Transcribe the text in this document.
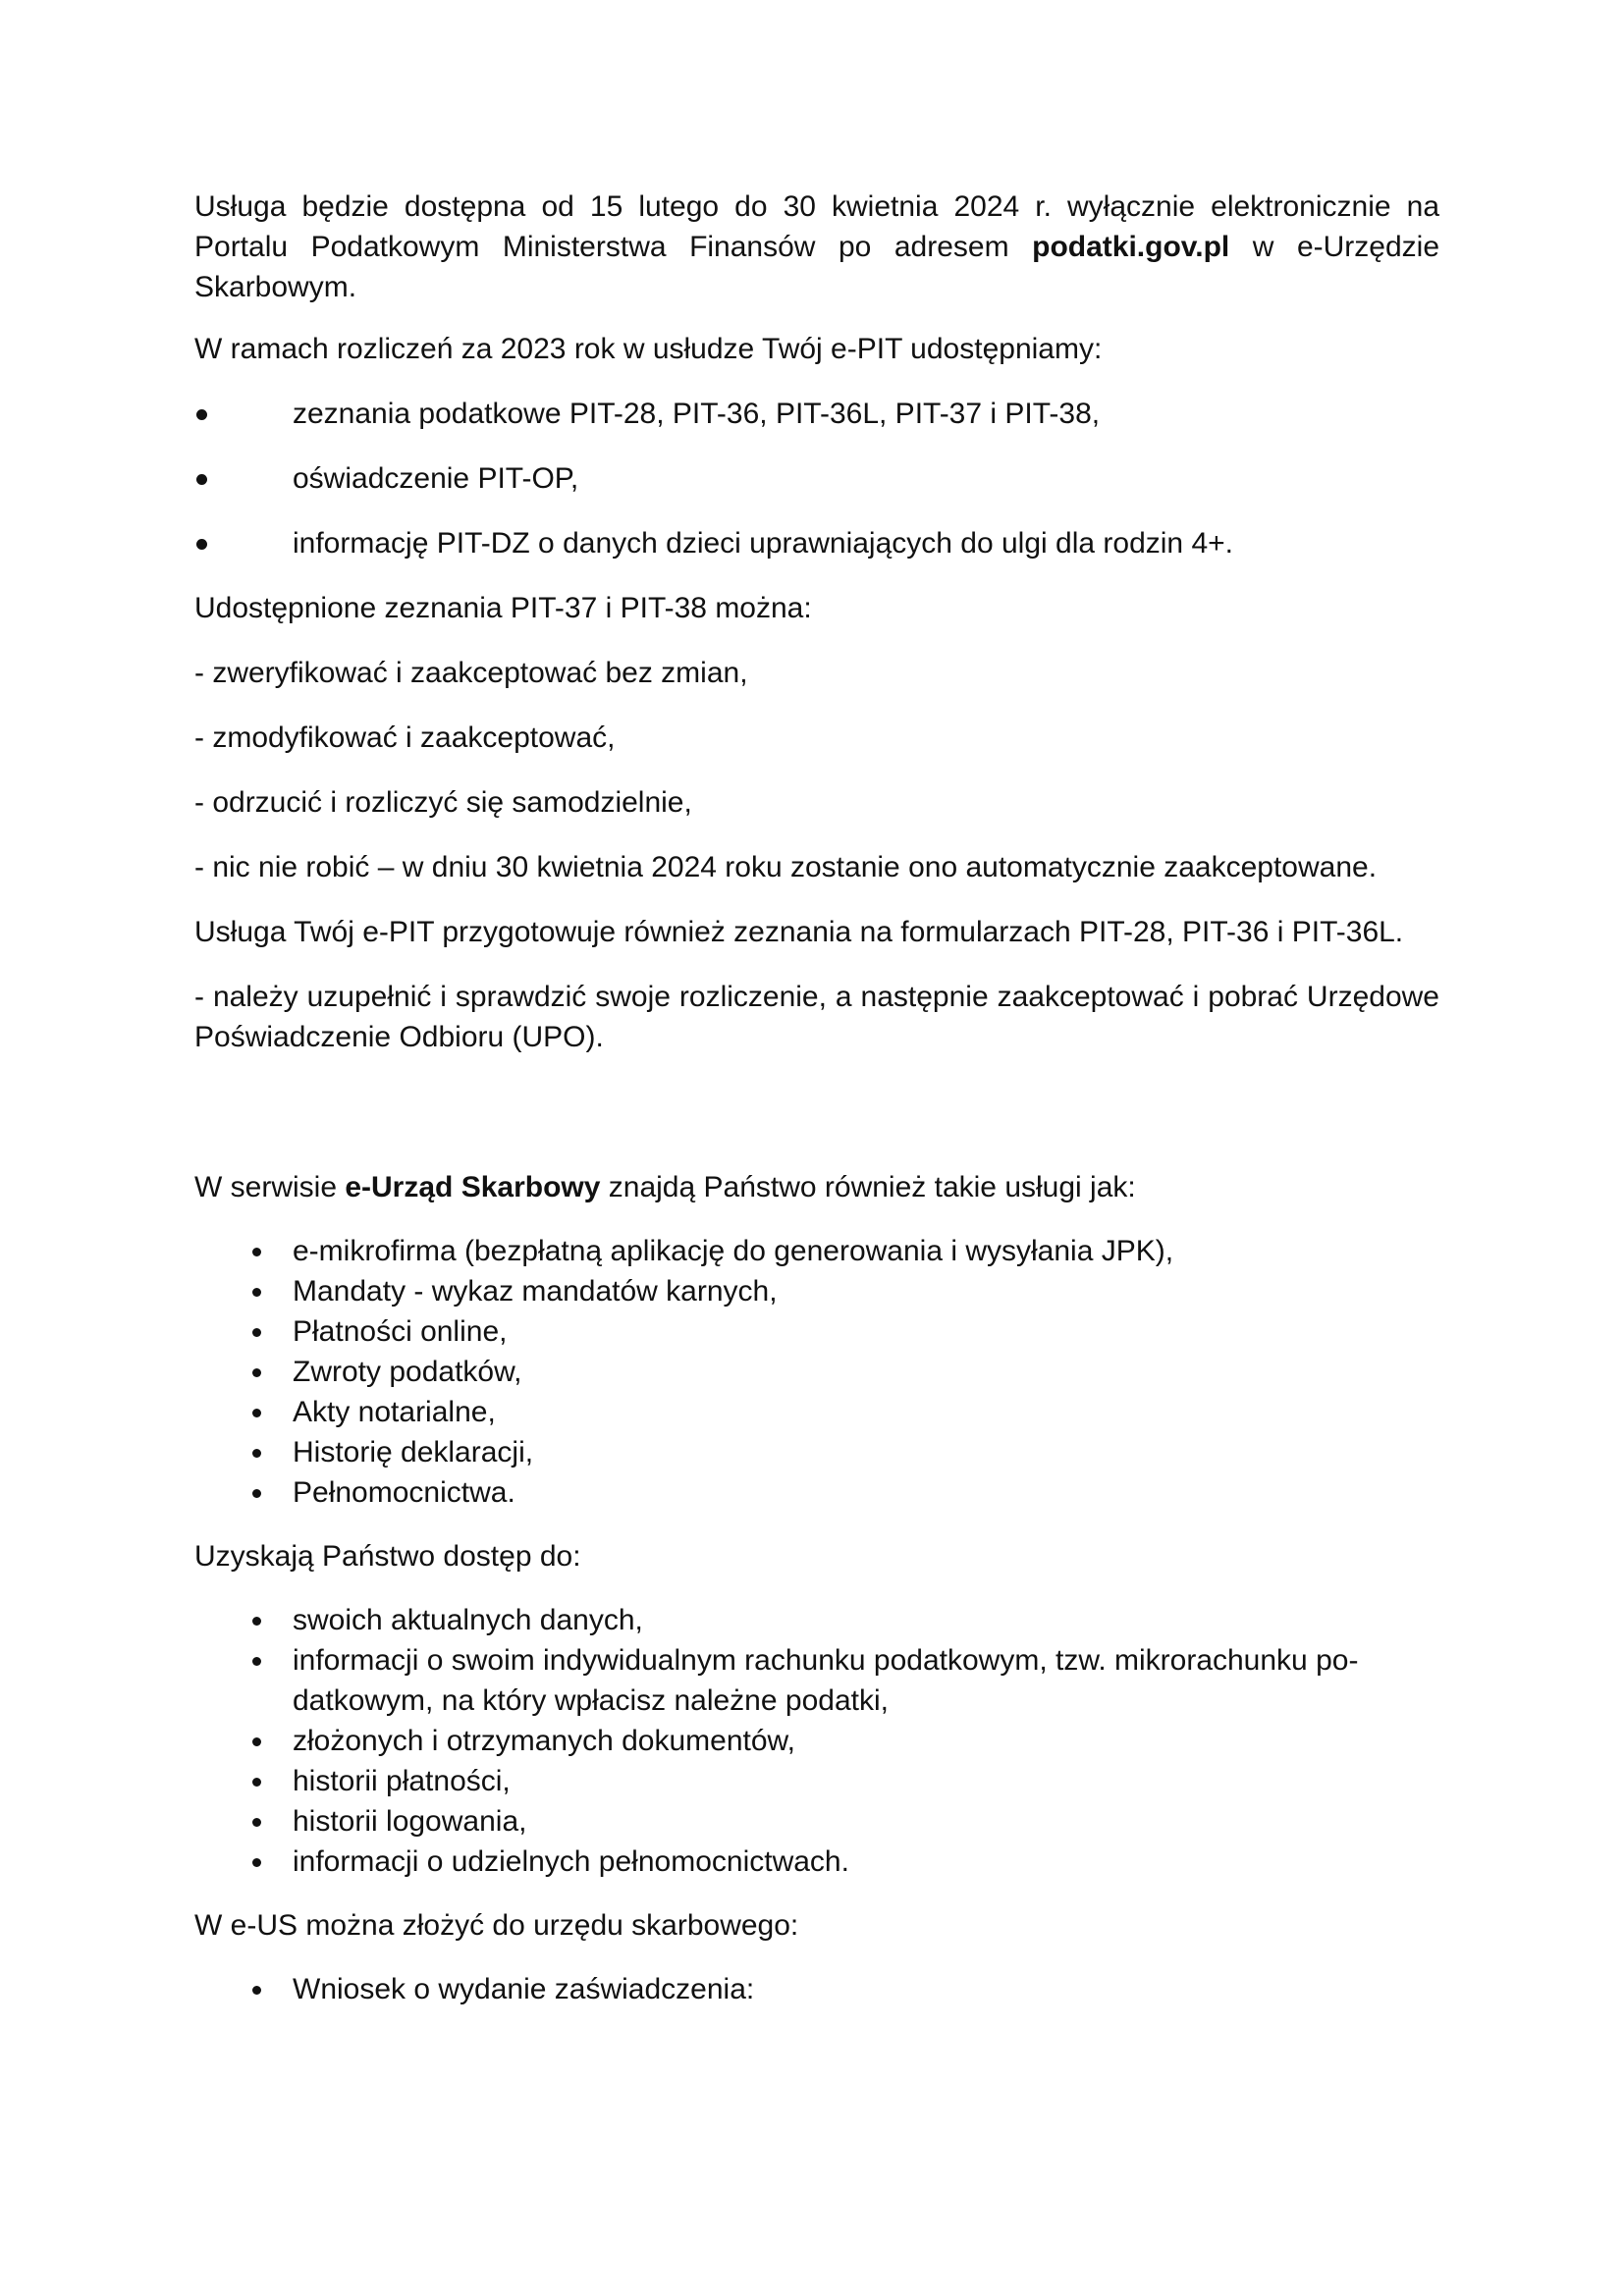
Usługa będzie dostępna od 15 lutego do 30 kwietnia 2024 r. wyłącznie elektronicznie na Portalu Podatkowym Ministerstwa Finansów po adresem podatki.gov.pl w e-Urzędzie Skarbowym.

W ramach rozliczeń za 2023 rok w usłudze Twój e-PIT udostępniamy:

zeznania podatkowe PIT-28, PIT-36, PIT-36L, PIT-37 i PIT-38,
oświadczenie PIT-OP,
informację PIT-DZ o danych dzieci uprawniających do ulgi dla rodzin 4+.

Udostępnione zeznania PIT-37 i PIT-38 można:

- zweryfikować i zaakceptować bez zmian,

- zmodyfikować i zaakceptować,

- odrzucić i rozliczyć się samodzielnie,

- nic nie robić – w dniu 30 kwietnia 2024 roku zostanie ono automatycznie zaakceptowane.

Usługa Twój e-PIT przygotowuje również zeznania na formularzach PIT-28, PIT-36 i PIT-36L.

- należy uzupełnić i sprawdzić swoje rozliczenie, a następnie zaakceptować i pobrać Urzędowe Poświadczenie Odbioru (UPO).

W serwisie e-Urząd Skarbowy znajdą Państwo również takie usługi jak:

e-mikrofirma (bezpłatną aplikację do generowania i wysyłania JPK),
Mandaty - wykaz mandatów karnych,
Płatności online,
Zwroty podatków,
Akty notarialne,
Historię deklaracji,
Pełnomocnictwa.

Uzyskają Państwo dostęp do:

swoich aktualnych danych,
informacji o swoim indywidualnym rachunku podatkowym, tzw. mikrorachunku po-datkowym, na który wpłacisz należne podatki,
złożonych i otrzymanych dokumentów,
historii płatności,
historii logowania,
informacji o udzielnych pełnomocnictwach.

W e-US można złożyć do urzędu skarbowego:

Wniosek o wydanie zaświadczenia:
